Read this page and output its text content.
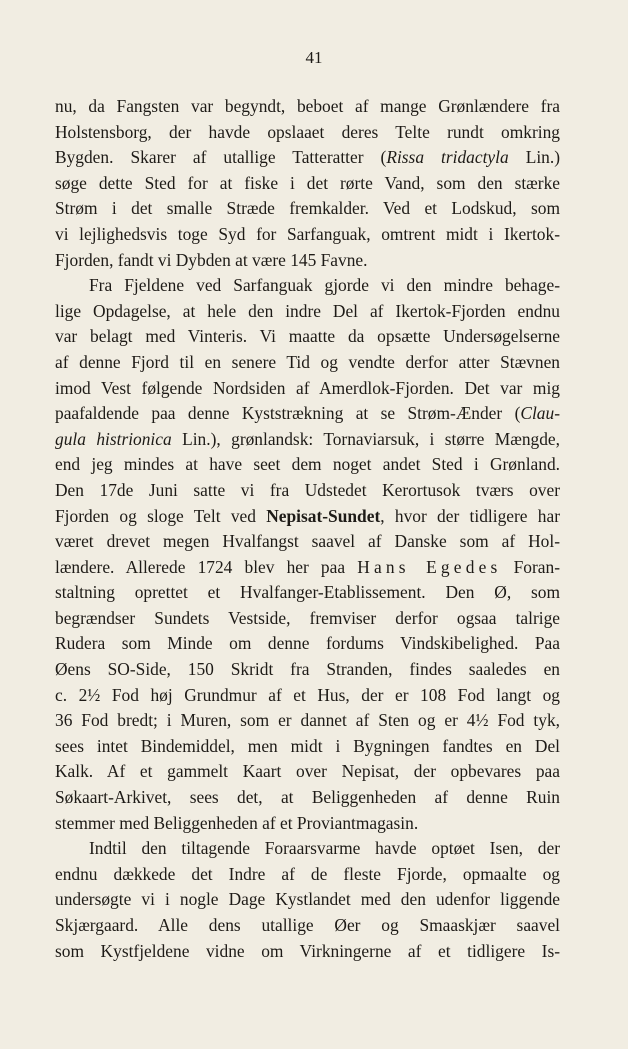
41
nu, da Fangsten var begyndt, beboet af mange Grønlændere fra
Holstensborg, der havde opslaaet deres Telte rundt omkring
Bygden. Skarer af utallige Tatteratter (Rissa tridactyla Lin.)
søge dette Sted for at fiske i det rørte Vand, som den stærke
Strøm i det smalle Stræde fremkalder. Ved et Lodskud, som
vi lejlighedsvis toge Syd for Sarfanguak, omtrent midt i Ikertok-
Fjorden, fandt vi Dybden at være 145 Favne.
Fra Fjeldene ved Sarfanguak gjorde vi den mindre behage-
lige Opdagelse, at hele den indre Del af Ikertok-Fjorden endnu
var belagt med Vinteris. Vi maatte da opsætte Undersøgelserne
af denne Fjord til en senere Tid og vendte derfor atter Stævnen
imod Vest følgende Nordsiden af Amerdlok-Fjorden. Det var mig
paafaldende paa denne Kyststrækning at se Strøm-Ænder (Clau-
gula histrionica Lin.), grønlandsk: Tornaviarsuk, i større Mængde,
end jeg mindes at have seet dem noget andet Sted i Grønland.
Den 17de Juni satte vi fra Udstedet Kerortusok tværs over
Fjorden og sloge Telt ved Nepisat-Sundet, hvor der tidligere har
været drevet megen Hvalfangst saavel af Danske som af Hol-
lændere. Allerede 1724 blev her paa Hans Egedes Foran-
staltning oprettet et Hvalfanger-Etablissement. Den Ø, som
begrændser Sundets Vestside, fremviser derfor ogsaa talrige
Rudera som Minde om denne fordums Vindskibelighed. Paa
Øens SO-Side, 150 Skridt fra Stranden, findes saaledes en
c. 2½ Fod høj Grundmur af et Hus, der er 108 Fod langt og
36 Fod bredt; i Muren, som er dannet af Sten og er 4½ Fod tyk,
sees intet Bindemiddel, men midt i Bygningen fandtes en Del
Kalk. Af et gammelt Kaart over Nepisat, der opbevares paa
Søkaart-Arkivet, sees det, at Beliggenheden af denne Ruin
stemmer med Beliggenheden af et Proviantmagasin.
Indtil den tiltagende Foraarsvarme havde optøet Isen, der
endnu dækkede det Indre af de fleste Fjorde, opmaalte og
undersøgte vi i nogle Dage Kystlandet med den udenfor liggende
Skjærgaard. Alle dens utallige Øer og Smaaskjær saavel
som Kystfjeldene vidne om Virkningerne af et tidligere Is-
